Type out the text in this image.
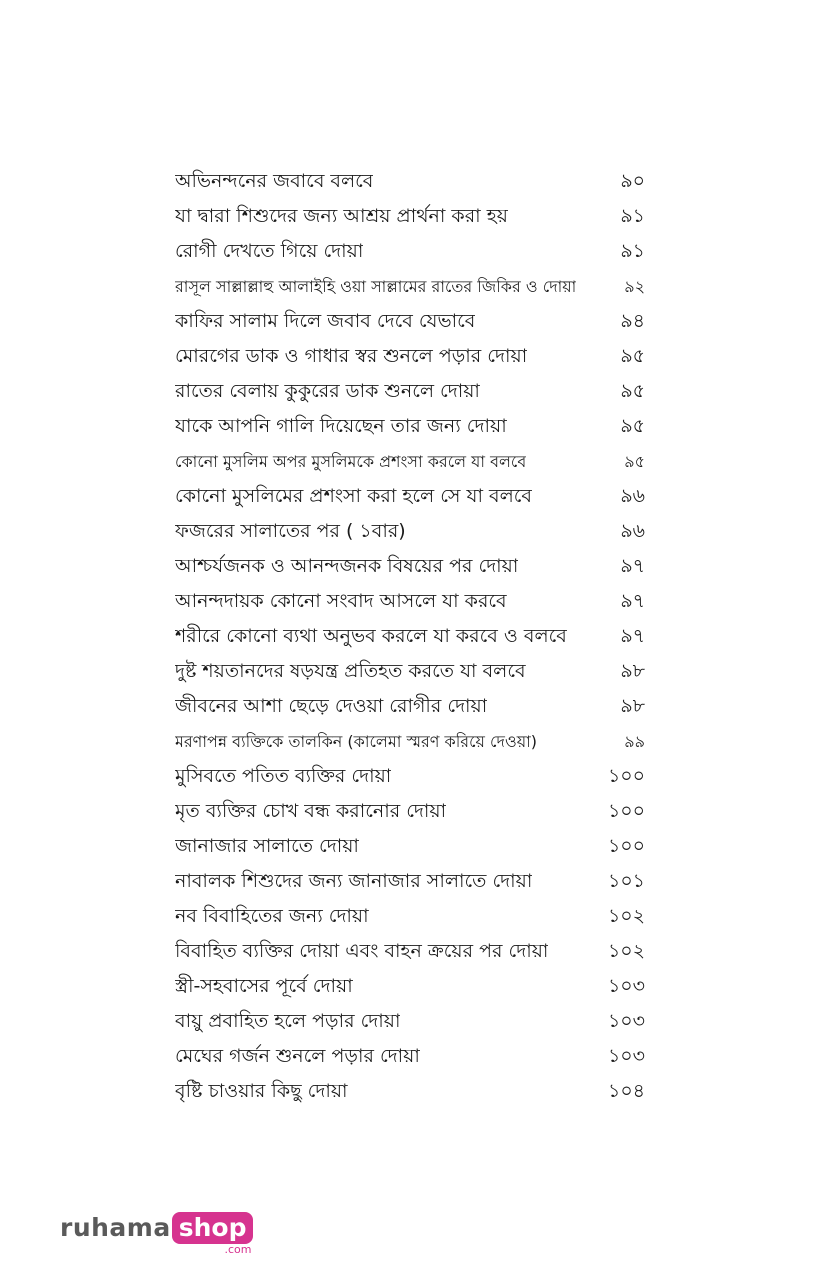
অভিনন্দনের জবাবে বলবে	৯০
যা দ্বারা শিশুদের জন্য আশ্রয় প্রার্থনা করা হয়	৯১
রোগী দেখতে গিয়ে দোয়া	৯১
রাসূল সাল্লাল্লাহু আলাইহি ওয়া সাল্লামের রাতের জিকির ও দোয়া	৯২
কাফির সালাম দিলে জবাব দেবে যেভাবে	৯৪
মোরগের ডাক ও গাধার স্বর শুনলে পড়ার দোয়া	৯৫
রাতের বেলায় কুকুরের ডাক শুনলে দোয়া	৯৫
যাকে আপনি গালি দিয়েছেন তার জন্য দোয়া	৯৫
কোনো মুসলিম অপর মুসলিমকে প্রশংসা করলে যা বলবে	৯৫
কোনো মুসলিমের প্রশংসা করা হলে সে যা বলবে	৯৬
ফজরের সালাতের পর ( ১বার)	৯৬
আশ্চর্যজনক ও আনন্দজনক বিষয়ের পর দোয়া	৯৭
আনন্দদায়ক কোনো সংবাদ আসলে যা করবে	৯৭
শরীরে কোনো ব্যথা অনুভব করলে যা করবে ও বলবে	৯৭
দুষ্ট শয়তানদের ষড়যন্ত্র প্রতিহত করতে যা বলবে	৯৮
জীবনের আশা ছেড়ে দেওয়া রোগীর দোয়া	৯৮
মরণাপন্ন ব্যক্তিকে তালকিন (কালেমা স্মরণ করিয়ে দেওয়া)	৯৯
মুসিবতে পতিত ব্যক্তির দোয়া	১০০
মৃত ব্যক্তির চোখ বন্ধ করানোর দোয়া	১০০
জানাজার সালাতে দোয়া	১০০
নাবালক শিশুদের জন্য জানাজার সালাতে দোয়া	১০১
নব বিবাহিতের জন্য দোয়া	১০২
বিবাহিত ব্যক্তির দোয়া এবং বাহন ক্রয়ের পর দোয়া	১০২
স্ত্রী-সহবাসের পূর্বে দোয়া	১০৩
বায়ু প্রবাহিত হলে পড়ার দোয়া	১০৩
মেঘের গর্জন শুনলে পড়ার দোয়া	১০৩
বৃষ্টি চাওয়ার কিছু দোয়া	১০৪
ruhama shop
.com
